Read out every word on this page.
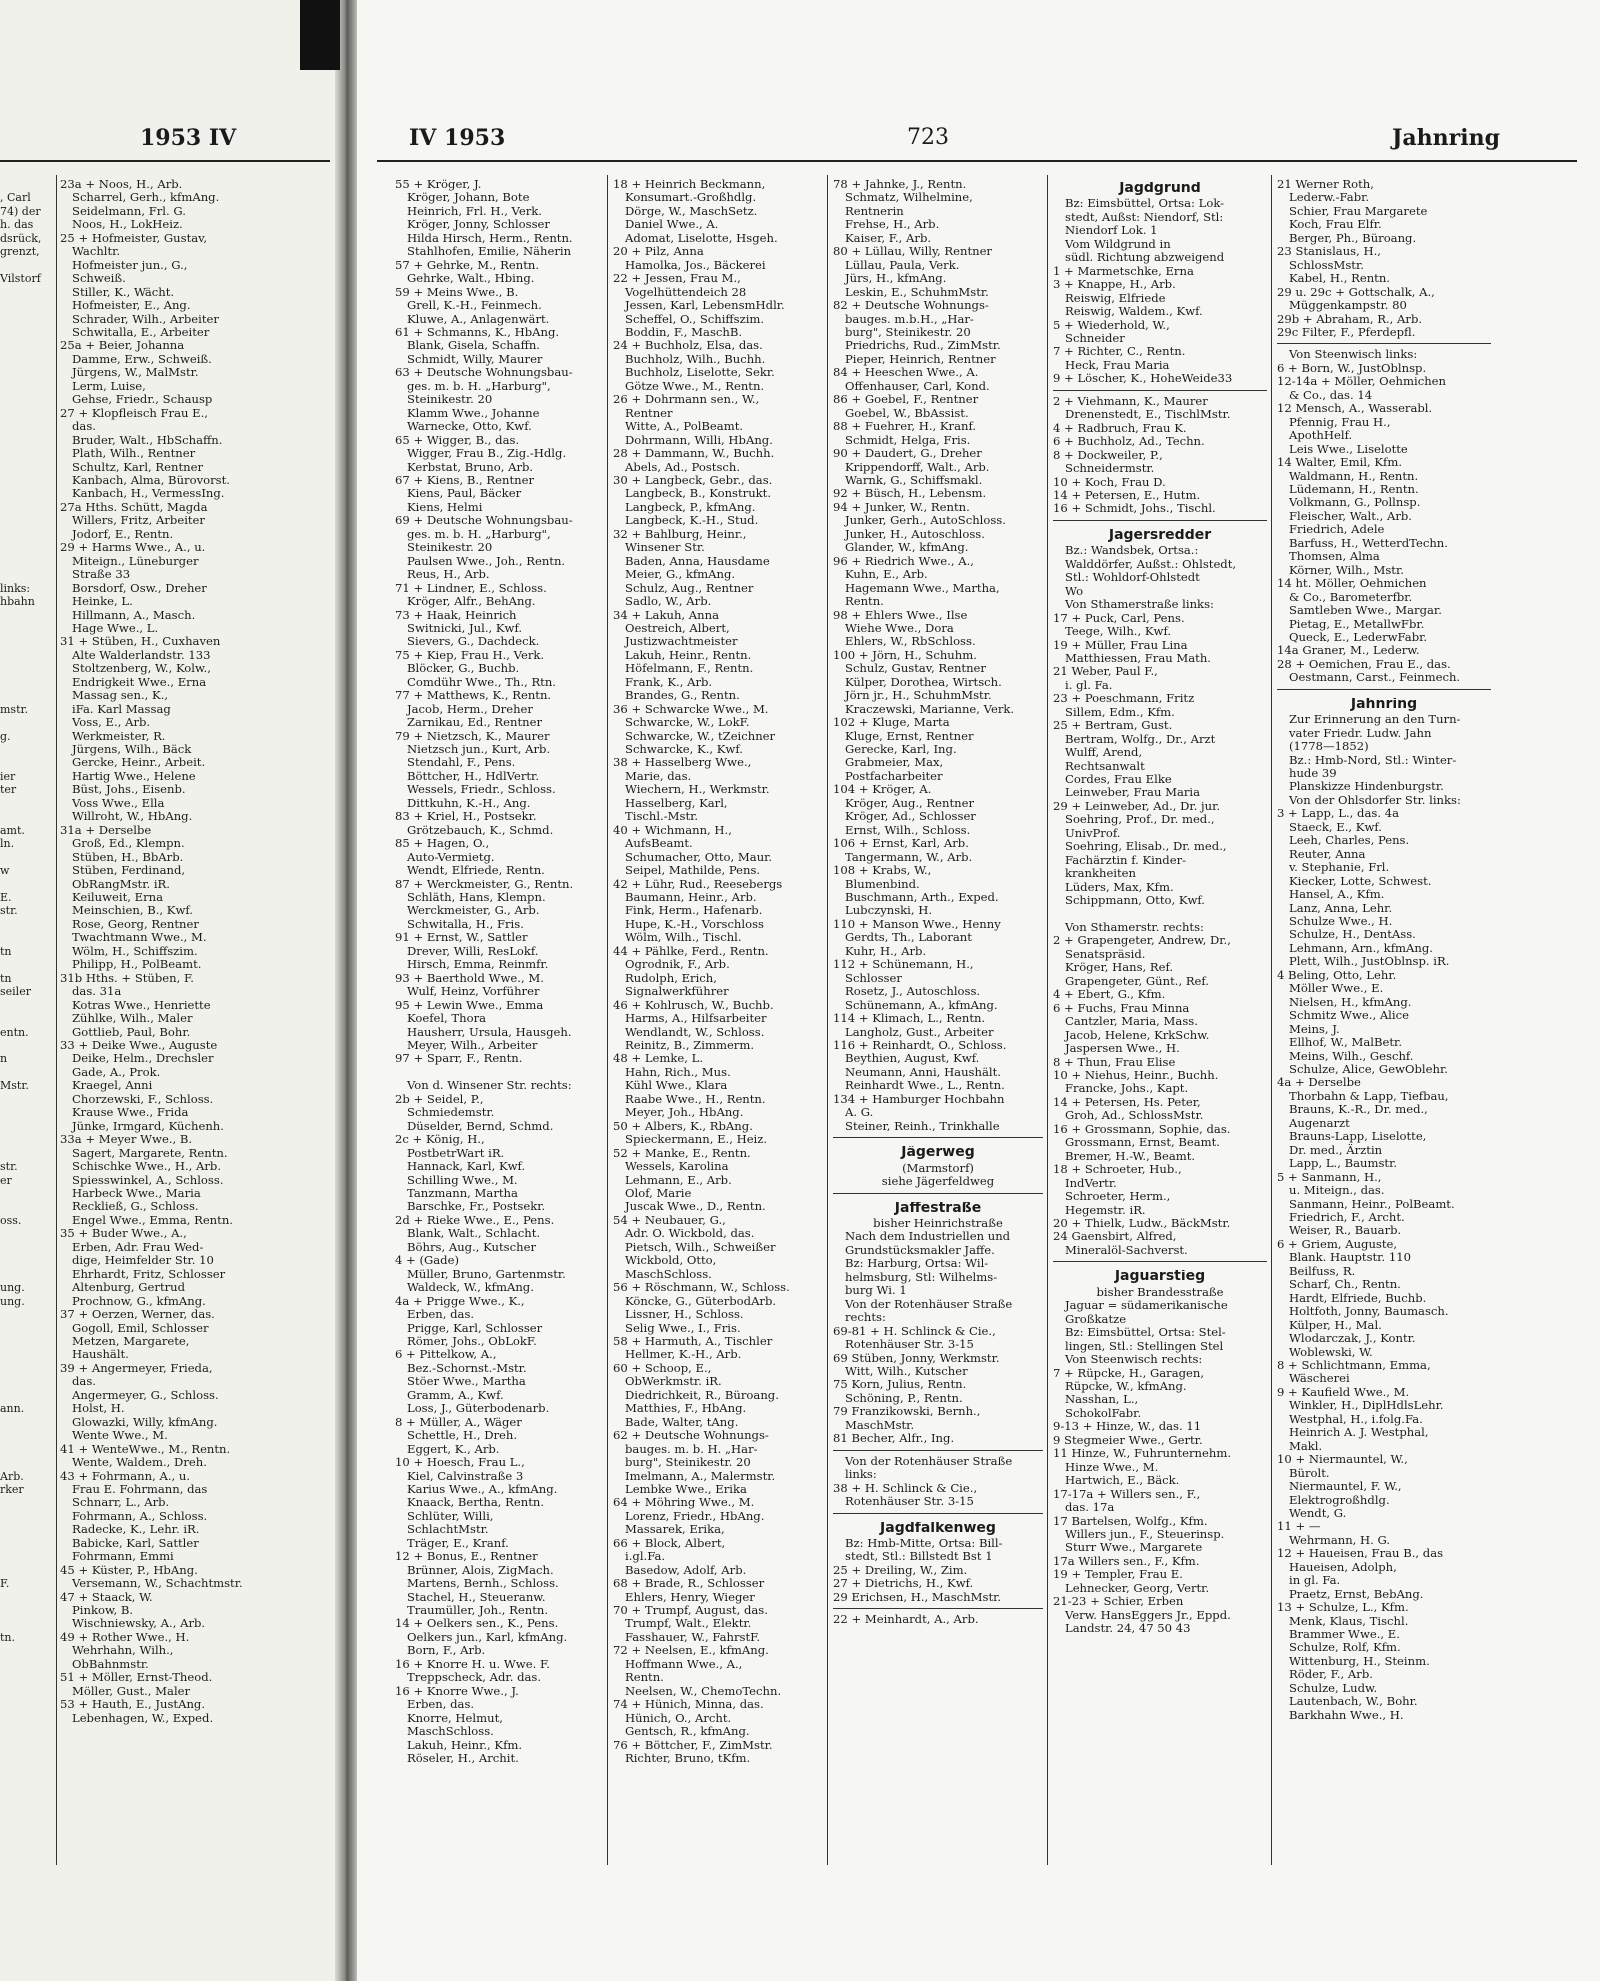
1953 IV

, Carl
74) der
h. das
dsrück,
grenzt,

Vilstorf

links:
hbahn

mstr.

g.

ier
ter

amt.
ln.

w

E.
str.

tn

tn
seiler

entn.

n

Mstr.

str.
er

oss.

ung.
ung.

ann.

Arb.
rker

F.

tn.

23a + Noos, H., Arb.
Scharrel, Gerh., kfmAng.
Seidelmann, Frl. G.
Noos, H., LokHeiz.
25 + Hofmeister, Gustav,
Wachltr.
Hofmeister jun., G.,
Schweiß.
Stiller, K., Wächt.
Hofmeister, E., Ang.
Schrader, Wilh., Arbeiter
Schwitalla, E., Arbeiter
25a + Beier, Johanna
Damme, Erw., Schweiß.
Jürgens, W., MalMstr.
Lerm, Luise,
Gehse, Friedr., Schausp
27 + Klopfleisch Frau E.,
das.
Bruder, Walt., HbSchaffn.
Plath, Wilh., Rentner
Schultz, Karl, Rentner
Kanbach, Alma, Bürovorst.
Kanbach, H., VermessIng.
27a Hths. Schütt, Magda
Willers, Fritz, Arbeiter
Jodorf, E., Rentn.
29 + Harms Wwe., A., u.
Miteign., Lüneburger
Straße 33
Borsdorf, Osw., Dreher
Heinke, L.
Hillmann, A., Masch.
Hage Wwe., L.
31 + Stüben, H., Cuxhaven
Alte Walderlandstr. 133
Stoltzenberg, W., Kolw.,
Endrigkeit Wwe., Erna
Massag sen., K.,
iFa. Karl Massag
Voss, E., Arb.
Werkmeister, R.
Jürgens, Wilh., Bäck
Gercke, Heinr., Arbeit.
Hartig Wwe., Helene
Büst, Johs., Eisenb.
Voss Wwe., Ella
Willroht, W., HbAng.
31a + Derselbe
Groß, Ed., Klempn.
Stüben, H., BbArb.
Stüben, Ferdinand,
ObRangMstr. iR.
Keiluweit, Erna
Meinschien, B., Kwf.
Rose, Georg, Rentner
Twachtmann Wwe., M.
Wölm, H., Schiffszim.
Philipp, H., PolBeamt.
31b Hths. + Stüben, F.
das. 31a
Kotras Wwe., Henriette
Zühlke, Wilh., Maler
Gottlieb, Paul, Bohr.
33 + Deike Wwe., Auguste
Deike, Helm., Drechsler
Gade, A., Prok.
Kraegel, Anni
Chorzewski, F., Schloss.
Krause Wwe., Frida
Jünke, Irmgard, Küchenh.
33a + Meyer Wwe., B.
Sagert, Margarete, Rentn.
Schischke Wwe., H., Arb.
Spiesswinkel, A., Schloss.
Harbeck Wwe., Maria
Reckließ, G., Schloss.
Engel Wwe., Emma, Rentn.
35 + Buder Wwe., A.,
Erben, Adr. Frau Wed-
dige, Heimfelder Str. 10
Ehrhardt, Fritz, Schlosser
Altenburg, Gertrud
Prochnow, G., kfmAng.
37 + Oerzen, Werner, das.
Gogoll, Emil, Schlosser
Metzen, Margarete,
Haushält.
39 + Angermeyer, Frieda,
das.
Angermeyer, G., Schloss.
Holst, H.
Glowazki, Willy, kfmAng.
Wente Wwe., M.
41 + WenteWwe., M., Rentn.
Wente, Waldem., Dreh.
43 + Fohrmann, A., u.
Frau E. Fohrmann, das
Schnarr, L., Arb.
Fohrmann, A., Schloss.
Radecke, K., Lehr. iR.
Babicke, Karl, Sattler
Fohrmann, Emmi
45 + Küster, P., HbAng.
Versemann, W., Schachtmstr.
47 + Staack, W.
Pinkow, B.
Wischniewsky, A., Arb.
49 + Rother Wwe., H.
Wehrhahn, Wilh.,
ObBahnmstr.
51 + Möller, Ernst-Theod.
Möller, Gust., Maler
53 + Hauth, E., JustAng.
Lebenhagen, W., Exped.
IV 1953	723	Jahnring
55 + Kröger, J.
Kröger, Johann, Bote
Heinrich, Frl. H., Verk.
Kröger, Jonny, Schlosser
Hilda Hirsch, Herm., Rentn.
Stahlhofen, Emilie, Näherin
57 + Gehrke, M., Rentn.
Gehrke, Walt., Hbing.
59 + Meins Wwe., B.
Grell, K.-H., Feinmech.
Kluwe, A., Anlagenwärt.
61 + Schmanns, K., HbAng.
Blank, Gisela, Schaffn.
Schmidt, Willy, Maurer
63 + Deutsche Wohnungsbau-
ges. m. b. H. „Harburg",
Steinikestr. 20
Klamm Wwe., Johanne
Warnecke, Otto, Kwf.
65 + Wigger, B., das.
Wigger, Frau B., Zig.-Hdlg.
Kerbstat, Bruno, Arb.
67 + Kiens, B., Rentner
Kiens, Paul, Bäcker
Kiens, Helmi
69 + Deutsche Wohnungsbau-
ges. m. b. H. „Harburg",
Steinikestr. 20
Paulsen Wwe., Joh., Rentn.
Reus, H., Arb.
71 + Lindner, E., Schloss.
Kröger, Alfr., BehAng.
73 + Haak, Heinrich
Switnicki, Jul., Kwf.
Sievers, G., Dachdeck.
75 + Kiep, Frau H., Verk.
Blöcker, G., Buchb.
Comdühr Wwe., Th., Rtn.
77 + Matthews, K., Rentn.
Jacob, Herm., Dreher
Zarnikau, Ed., Rentner
79 + Nietzsch, K., Maurer
Nietzsch jun., Kurt, Arb.
Stendahl, F., Pens.
Böttcher, H., HdlVertr.
Wessels, Friedr., Schloss.
Dittkuhn, K.-H., Ang.
83 + Kriel, H., Postsekr.
Grötzebauch, K., Schmd.
85 + Hagen, O.,
Auto-Vermietg.
Wendt, Elfriede, Rentn.
87 + Werckmeister, G., Rentn.
Schläth, Hans, Klempn.
Werckmeister, G., Arb.
Schwitalla, H., Fris.
91 + Ernst, W., Sattler
Drever, Willi, ResLokf.
Hirsch, Emma, Reinmfr.
93 + Baerthold Wwe., M.
Wulf, Heinz, Vorführer
95 + Lewin Wwe., Emma
Koefel, Thora
Hausherr, Ursula, Hausgeh.
Meyer, Wilh., Arbeiter
97 + Sparr, F., Rentn.

Von d. Winsener Str. rechts:
2b + Seidel, P.,
Schmiedemstr.
Düselder, Bernd, Schmd.
2c + König, H.,
PostbetrWart iR.
Hannack, Karl, Kwf.
Schilling Wwe., M.
Tanzmann, Martha
Barschke, Fr., Postsekr.
2d + Rieke Wwe., E., Pens.
Blank, Walt., Schlacht.
Böhrs, Aug., Kutscher
4 + (Gade)
Müller, Bruno, Gartenmstr.
Waldeck, W., kfmAng.
4a + Prigge Wwe., K.,
Erben, das.
Prigge, Karl, Schlosser
Römer, Johs., ObLokF.
6 + Pittelkow, A.,
Bez.-Schornst.-Mstr.
Stöer Wwe., Martha
Gramm, A., Kwf.
Loss, J., Güterbodenarb.
8 + Müller, A., Wäger
Schettle, H., Dreh.
Eggert, K., Arb.
10 + Hoesch, Frau L.,
Kiel, Calvinstraße 3
Karius Wwe., A., kfmAng.
Knaack, Bertha, Rentn.
Schlüter, Willi,
SchlachtMstr.
Träger, E., Kranf.
12 + Bonus, E., Rentner
Brünner, Alois, ZigMach.
Martens, Bernh., Schloss.
Stachel, H., Steueranw.
Traumüller, Joh., Rentn.
14 + Oelkers sen., K., Pens.
Oelkers jun., Karl, kfmAng.
Born, F., Arb.
16 + Knorre H. u. Wwe. F.
Treppscheck, Adr. das.
16 + Knorre Wwe., J.
Erben, das.
Knorre, Helmut,
MaschSchloss.
Lakuh, Heinr., Kfm.
Röseler, H., Archit.
18 + Heinrich Beckmann,
Konsumart.-Großhdlg.
Dörge, W., MaschSetz.
Daniel Wwe., A.
Adomat, Liselotte, Hsgeh.
20 + Pilz, Anna
Hamolka, Jos., Bäckerei
22 + Jessen, Frau M.,
Vogelhüttendeich 28
Jessen, Karl, LebensmHdlr.
Scheffel, O., Schiffszim.
Boddin, F., MaschB.
24 + Buchholz, Elsa, das.
Buchholz, Wilh., Buchh.
Buchholz, Liselotte, Sekr.
Götze Wwe., M., Rentn.
26 + Dohrmann sen., W.,
Rentner
Witte, A., PolBeamt.
Dohrmann, Willi, HbAng.
28 + Dammann, W., Buchh.
Abels, Ad., Postsch.
30 + Langbeck, Gebr., das.
Langbeck, B., Konstrukt.
Langbeck, P., kfmAng.
Langbeck, K.-H., Stud.
32 + Bahlburg, Heinr.,
Winsener Str.
Baden, Anna, Hausdame
Meier, G., kfmAng.
Schulz, Aug., Rentner
Sadlo, W., Arb.
34 + Lakuh, Anna
Oestreich, Albert,
Justizwachtmeister
Lakuh, Heinr., Rentn.
Höfelmann, F., Rentn.
Frank, K., Arb.
Brandes, G., Rentn.
36 + Schwarcke Wwe., M.
Schwarcke, W., LokF.
Schwarcke, W., tZeichner
Schwarcke, K., Kwf.
38 + Hasselberg Wwe.,
Marie, das.
Wiechern, H., Werkmstr.
Hasselberg, Karl,
Tischl.-Mstr.
40 + Wichmann, H.,
AufsBeamt.
Schumacher, Otto, Maur.
Seipel, Mathilde, Pens.
42 + Lühr, Rud., Reesebergs
Baumann, Heinr., Arb.
Fink, Herm., Hafenarb.
Hupe, K.-H., Vorschloss
Wölm, Wilh., Tischl.
44 + Pählke, Ferd., Rentn.
Ogrodnik, F., Arb.
Rudolph, Erich,
Signalwerkführer
46 + Kohlrusch, W., Buchb.
Harms, A., Hilfsarbeiter
Wendlandt, W., Schloss.
Reinitz, B., Zimmerm.
48 + Lemke, L.
Hahn, Rich., Mus.
Kühl Wwe., Klara
Raabe Wwe., H., Rentn.
Meyer, Joh., HbAng.
50 + Albers, K., RbAng.
Spieckermann, E., Heiz.
52 + Manke, E., Rentn.
Wessels, Karolina
Lehmann, E., Arb.
Olof, Marie
Juscak Wwe., D., Rentn.
54 + Neubauer, G.,
Adr. O. Wickbold, das.
Pietsch, Wilh., Schweißer
Wickbold, Otto,
MaschSchloss.
56 + Röschmann, W., Schloss.
Köncke, G., GüterbodArb.
Lissner, H., Schloss.
Selig Wwe., I., Fris.
58 + Harmuth, A., Tischler
Hellmer, K.-H., Arb.
60 + Schoop, E.,
ObWerkmstr. iR.
Diedrichkeit, R., Büroang.
Matthies, F., HbAng.
Bade, Walter, tAng.
62 + Deutsche Wohnungs-
bauges. m. b. H. „Har-
burg", Steinikestr. 20
Imelmann, A., Malermstr.
Lembke Wwe., Erika
64 + Möhring Wwe., M.
Lorenz, Friedr., HbAng.
Massarek, Erika,
66 + Block, Albert,
i.gl.Fa.
Basedow, Adolf, Arb.
68 + Brade, R., Schlosser
Ehlers, Henry, Wieger
70 + Trumpf, August, das.
Trumpf, Walt., Elektr.
Fasshauer, W., FahrstF.
72 + Neelsen, E., kfmAng.
Hoffmann Wwe., A.,
Rentn.
Neelsen, W., ChemoTechn.
74 + Hünich, Minna, das.
Hünich, O., Archt.
Gentsch, R., kfmAng.
76 + Böttcher, F., ZimMstr.
Richter, Bruno, tKfm.
78 + Jahnke, J., Rentn.
Schmatz, Wilhelmine,
Rentnerin
Frehse, H., Arb.
Kaiser, F., Arb.
80 + Lüllau, Willy, Rentner
Lüllau, Paula, Verk.
Jürs, H., kfmAng.
Leskin, E., SchuhmMstr.
82 + Deutsche Wohnungs-
bauges. m.b.H., „Har-
burg", Steinikestr. 20
Priedrichs, Rud., ZimMstr.
Pieper, Heinrich, Rentner
84 + Heeschen Wwe., A.
Offenhauser, Carl, Kond.
86 + Goebel, F., Rentner
Goebel, W., BbAssist.
88 + Fuehrer, H., Kranf.
Schmidt, Helga, Fris.
90 + Daudert, G., Dreher
Krippendorff, Walt., Arb.
Warnk, G., Schiffsmakl.
92 + Büsch, H., Lebensm.
94 + Junker, W., Rentn.
Junker, Gerh., AutoSchloss.
Junker, H., Autoschloss.
Glander, W., kfmAng.
96 + Riedrich Wwe., A.,
Kuhn, E., Arb.
Hagemann Wwe., Martha,
Rentn.
98 + Ehlers Wwe., Ilse
Wiehe Wwe., Dora
Ehlers, W., RbSchloss.
100 + Jörn, H., Schuhm.
Schulz, Gustav, Rentner
Külper, Dorothea, Wirtsch.
Jörn jr., H., SchuhmMstr.
Kraczewski, Marianne, Verk.
102 + Kluge, Marta
Kluge, Ernst, Rentner
Gerecke, Karl, Ing.
Grabmeier, Max,
Postfacharbeiter
104 + Kröger, A.
Kröger, Aug., Rentner
Kröger, Ad., Schlosser
Ernst, Wilh., Schloss.
106 + Ernst, Karl, Arb.
Tangermann, W., Arb.
108 + Krabs, W.,
Blumenbind.
Buschmann, Arth., Exped.
Lubczynski, H.
110 + Manson Wwe., Henny
Gerdts, Th., Laborant
Kuhr, H., Arb.
112 + Schünemann, H.,
Schlosser
Rosetz, J., Autoschloss.
Schünemann, A., kfmAng.
114 + Klimach, L., Rentn.
Langholz, Gust., Arbeiter
116 + Reinhardt, O., Schloss.
Beythien, August, Kwf.
Neumann, Anni, Haushält.
Reinhardt Wwe., L., Rentn.
134 + Hamburger Hochbahn
A. G.
Steiner, Reinh., Trinkhalle
Jägerweg
(Marmstorf)
siehe Jägerfeldweg
Jaffestraße
bisher Heinrichstraße
Nach dem Industriellen und
Grundstücksmakler Jaffe.
Bz: Harburg, Ortsa: Wil-
helmsburg, Stl: Wilhelms-
burg Wi. 1
Von der Rotenhäuser Straße
rechts:
69-81 + H. Schlinck & Cie.,
Rotenhäuser Str. 3-15
69 Stüben, Jonny, Werkmstr.
Witt, Wilh., Kutscher
75 Korn, Julius, Rentn.
Schöning, P., Rentn.
79 Franzikowski, Bernh.,
MaschMstr.
81 Becher, Alfr., Ing.
Von der Rotenhäuser Straße
links:
38 + H. Schlinck & Cie.,
Rotenhäuser Str. 3-15
Jagdfalkenweg
Bz: Hmb-Mitte, Ortsa: Bill-
stedt, Stl.: Billstedt Bst 1
25 + Dreiling, W., Zim.
27 + Dietrichs, H., Kwf.
29 Erichsen, H., MaschMstr.
22 + Meinhardt, A., Arb.
Jagdgrund
Bz: Eimsbüttel, Ortsa: Lok-
stedt, Außst: Niendorf, Stl:
Niendorf Lok. 1
Vom Wildgrund in
südl. Richtung abzweigend
1 + Marmetschke, Erna
3 + Knappe, H., Arb.
Reiswig, Elfriede
Reiswig, Waldem., Kwf.
5 + Wiederhold, W.,
Schneider
7 + Richter, C., Rentn.
Heck, Frau Maria
9 + Löscher, K., HoheWeide33
2 + Viehmann, K., Maurer
Drenenstedt, E., TischlMstr.
4 + Radbruch, Frau K.
6 + Buchholz, Ad., Techn.
8 + Dockweiler, P.,
Schneidermstr.
10 + Koch, Frau D.
14 + Petersen, E., Hutm.
16 + Schmidt, Johs., Tischl.
Jagersredder
Bz.: Wandsbek, Ortsa.:
Walddörfer, Außst.: Ohlstedt,
Stl.: Wohldorf-Ohlstedt
Wo
Von Sthamerstraße links:
17 + Puck, Carl, Pens.
Teege, Wilh., Kwf.
19 + Müller, Frau Lina
Matthiessen, Frau Math.
21 Weber, Paul F.,
i. gl. Fa.
23 + Poeschmann, Fritz
Sillem, Edm., Kfm.
25 + Bertram, Gust.
Bertram, Wolfg., Dr., Arzt
Wulff, Arend,
Rechtsanwalt
Cordes, Frau Elke
Leinweber, Frau Maria
29 + Leinweber, Ad., Dr. jur.
Soehring, Prof., Dr. med.,
UnivProf.
Soehring, Elisab., Dr. med.,
Fachärztin f. Kinder-
krankheiten
Lüders, Max, Kfm.
Schippmann, Otto, Kwf.

Von Sthamerstr. rechts:
2 + Grapengeter, Andrew, Dr.,
Senatspräsid.
Kröger, Hans, Ref.
Grapengeter, Günt., Ref.
4 + Ebert, G., Kfm.
6 + Fuchs, Frau Minna
Cantzler, Maria, Mass.
Jacob, Helene, KrkSchw.
Jaspersen Wwe., H.
8 + Thun, Frau Elise
10 + Niehus, Heinr., Buchh.
Francke, Johs., Kapt.
14 + Petersen, Hs. Peter,
Groh, Ad., SchlossMstr.
16 + Grossmann, Sophie, das.
Grossmann, Ernst, Beamt.
Bremer, H.-W., Beamt.
18 + Schroeter, Hub.,
IndVertr.
Schroeter, Herm.,
Hegemstr. iR.
20 + Thielk, Ludw., BäckMstr.
24 Gaensbirt, Alfred,
Mineralöl-Sachverst.
Jaguarstieg
bisher Brandesstraße
Jaguar = südamerikanische
Großkatze
Bz: Eimsbüttel, Ortsa: Stel-
lingen, Stl.: Stellingen Stel
Von Steenwisch rechts:
7 + Rüpcke, H., Garagen,
Rüpcke, W., kfmAng.
Nasshan, L.,
SchokolFabr.
9-13 + Hinze, W., das. 11
9 Stegmeier Wwe., Gertr.
11 Hinze, W., Fuhrunternehm.
Hinze Wwe., M.
Hartwich, E., Bäck.
17-17a + Willers sen., F.,
das. 17a
17 Bartelsen, Wolfg., Kfm.
Willers jun., F., Steuerinsp.
Sturr Wwe., Margarete
17a Willers sen., F., Kfm.
19 + Templer, Frau E.
Lehnecker, Georg, Vertr.
21-23 + Schier, Erben
Verw. HansEggers Jr., Eppd.
Landstr. 24, 47 50 43
21 Werner Roth,
Lederw.-Fabr.
Schier, Frau Margarete
Koch, Frau Elfr.
Berger, Ph., Büroang.
23 Stanislaus, H.,
SchlossMstr.
Kabel, H., Rentn.
29 u. 29c + Gottschalk, A.,
Müggenkampstr. 80
29b + Abraham, R., Arb.
29c Filter, F., Pferdepfl.
Von Steenwisch links:
6 + Born, W., JustOblnsp.
12-14a + Möller, Oehmichen
& Co., das. 14
12 Mensch, A., Wasserabl.
Pfennig, Frau H.,
ApothHelf.
Leis Wwe., Liselotte
14 Walter, Emil, Kfm.
Waldmann, H., Rentn.
Lüdemann, H., Rentn.
Volkmann, G., Pollnsp.
Fleischer, Walt., Arb.
Friedrich, Adele
Barfuss, H., WetterdTechn.
Thomsen, Alma
Körner, Wilh., Mstr.
14 ht. Möller, Oehmichen
& Co., Barometerfbr.
Samtleben Wwe., Margar.
Pietag, E., MetallwFbr.
Queck, E., LederwFabr.
14a Graner, M., Lederw.
28 + Oemichen, Frau E., das.
Oestmann, Carst., Feinmech.
Jahnring
Zur Erinnerung an den Turn-
vater Friedr. Ludw. Jahn
(1778—1852)
Bz.: Hmb-Nord, Stl.: Winter-
hude 39
Planskizze Hindenburgstr.
Von der Ohlsdorfer Str. links:
3 + Lapp, L., das. 4a
Staeck, E., Kwf.
Leeh, Charles, Pens.
Reuter, Anna
v. Stephanie, Frl.
Kiecker, Lotte, Schwest.
Hansel, A., Kfm.
Lanz, Anna, Lehr.
Schulze Wwe., H.
Schulze, H., DentAss.
Lehmann, Arn., kfmAng.
Plett, Wilh., JustOblnsp. iR.
4 Beling, Otto, Lehr.
Möller Wwe., E.
Nielsen, H., kfmAng.
Schmitz Wwe., Alice
Meins, J.
Ellhof, W., MalBetr.
Meins, Wilh., Geschf.
Schulze, Alice, GewOblehr.
4a + Derselbe
Thorbahn & Lapp, Tiefbau,
Brauns, K.-R., Dr. med.,
Augenarzt
Brauns-Lapp, Liselotte,
Dr. med., Ärztin
Lapp, L., Baumstr.
5 + Sanmann, H.,
u. Miteign., das.
Sanmann, Heinr., PolBeamt.
Friedrich, F., Archt.
Weiser, R., Bauarb.
6 + Griem, Auguste,
Blank. Hauptstr. 110
Beilfuss, R.
Scharf, Ch., Rentn.
Hardt, Elfriede, Buchb.
Holtfoth, Jonny, Baumasch.
Külper, H., Mal.
Wlodarczak, J., Kontr.
Woblewski, W.
8 + Schlichtmann, Emma,
Wäscherei
9 + Kaufield Wwe., M.
Winkler, H., DiplHdlsLehr.
Westphal, H., i.folg.Fa.
Heinrich A. J. Westphal,
Makl.
10 + Niermauntel, W.,
Bürolt.
Niermauntel, F. W.,
Elektrogroßhdlg.
Wendt, G.
11 + —
Wehrmann, H. G.
12 + Haueisen, Frau B., das
Haueisen, Adolph,
in gl. Fa.
Praetz, Ernst, BebAng.
13 + Schulze, L., Kfm.
Menk, Klaus, Tischl.
Brammer Wwe., E.
Schulze, Rolf, Kfm.
Wittenburg, H., Steinm.
Röder, F., Arb.
Schulze, Ludw.
Lautenbach, W., Bohr.
Barkhahn Wwe., H.
